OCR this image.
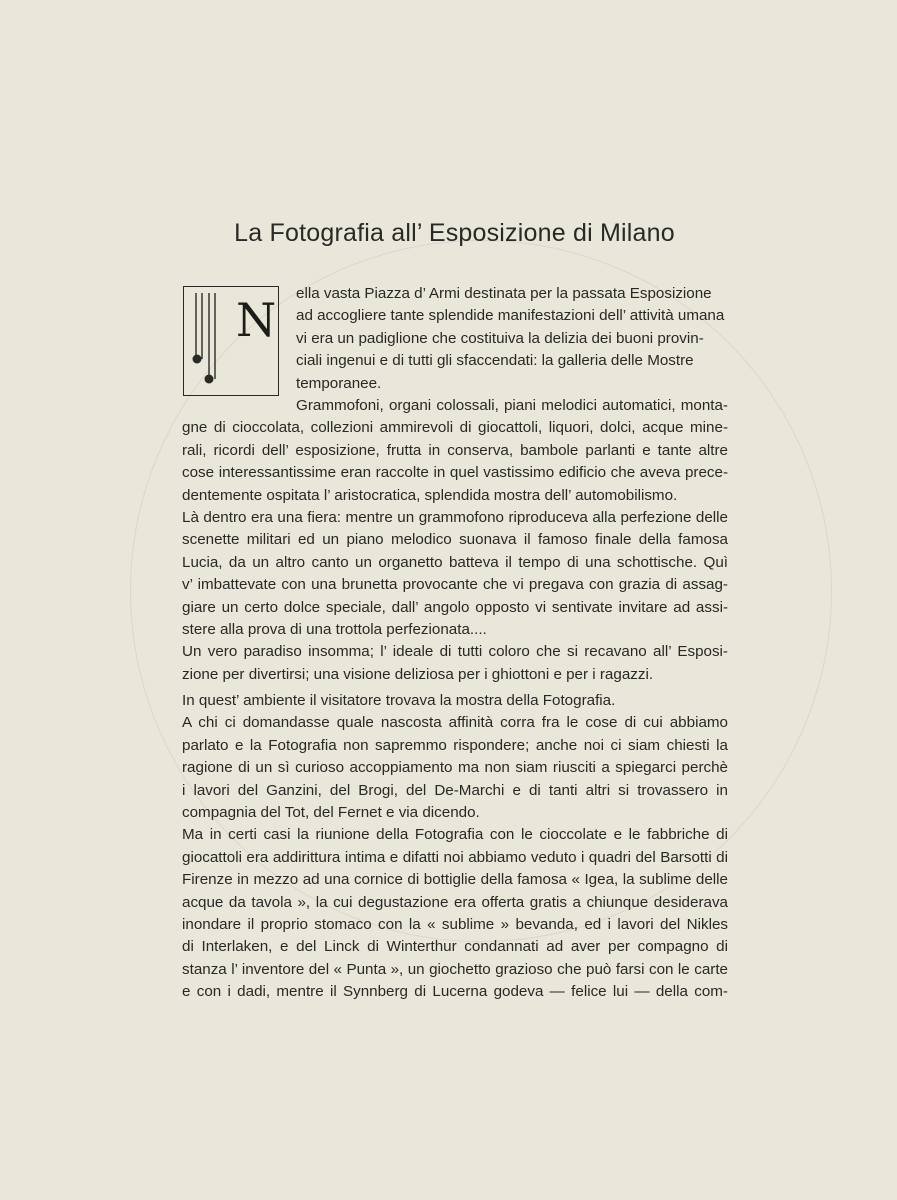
La Fotografia all’ Esposizione di Milano
N ella vasta Piazza d’ Armi destinata per la passata Esposizione ad accogliere tante splendide manifestazioni dell’ attività umana vi era un padiglione che costituiva la delizia dei buoni provin- ciali ingenui e di tutti gli sfaccendati: la galleria delle Mostre temporanee.
Grammofoni, organi colossali, piani melodici automatici, monta-
gne di cioccolata, collezioni ammirevoli di giocattoli, liquori, dolci, acque mine-
rali, ricordi dell’ esposizione, frutta in conserva, bambole parlanti e tante altre
cose interessantissime eran raccolte in quel vastissimo edificio che aveva prece-
dentemente ospitata l’ aristocratica, splendida mostra dell’ automobilismo.
Là dentro era una fiera: mentre un grammofono riproduceva alla perfezione delle
scenette militari ed un piano melodico suonava il famoso finale della famosa
Lucia, da un altro canto un organetto batteva il tempo di una schottische. Quì
v’ imbattevate con una brunetta provocante che vi pregava con grazia di assag-
giare un certo dolce speciale, dall’ angolo opposto vi sentivate invitare ad assi-
stere alla prova di una trottola perfezionata....
Un vero paradiso insomma; l’ ideale di tutti coloro che si recavano all’ Esposi-
zione per divertirsi; una visione deliziosa per i ghiottoni e per i ragazzi.
In quest’ ambiente il visitatore trovava la mostra della Fotografia.
A chi ci domandasse quale nascosta affinità corra fra le cose di cui abbiamo
parlato e la Fotografia non sapremmo rispondere; anche noi ci siam chiesti la
ragione di un sì curioso accoppiamento ma non siam riusciti a spiegarci perchè
i lavori del Ganzini, del Brogi, del De-Marchi e di tanti altri si trovassero in
compagnia del Tot, del Fernet e via dicendo.
Ma in certi casi la riunione della Fotografia con le cioccolate e le fabbriche di
giocattoli era addirittura intima e difatti noi abbiamo veduto i quadri del Barsotti di
Firenze in mezzo ad una cornice di bottiglie della famosa « Igea, la sublime delle
acque da tavola », la cui degustazione era offerta gratis a chiunque desiderava
inondare il proprio stomaco con la « sublime » bevanda, ed i lavori del Nikles
di Interlaken, e del Linck di Winterthur condannati ad aver per compagno di
stanza l’ inventore del « Punta », un giochetto grazioso che può farsi con le carte
e con i dadi, mentre il Synnberg di Lucerna godeva — felice lui — della com-
